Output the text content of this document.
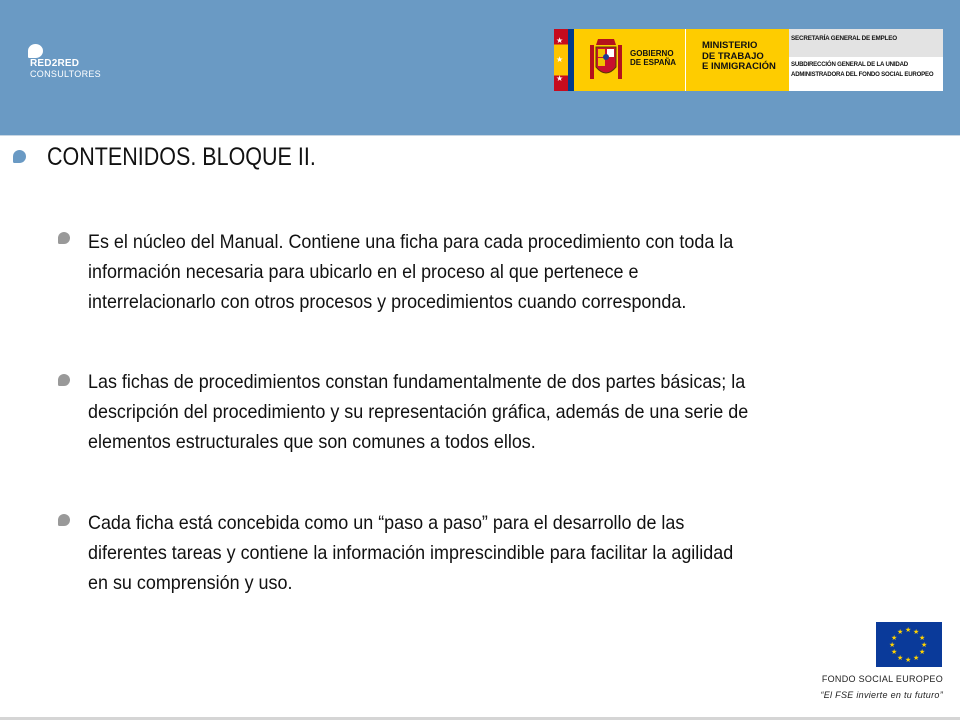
RED2RED
CONSULTORES
★
★
★
GOBIERNO
DE ESPAÑA
MINISTERIO
DE TRABAJO
E INMIGRACIÓN
SECRETARÍA GENERAL DE EMPLEO
SUBDIRECCIÓN GENERAL DE LA UNIDAD
ADMINISTRADORA DEL FONDO SOCIAL EUROPEO
CONTENIDOS. BLOQUE II.
Es el núcleo del Manual. Contiene una ficha para cada procedimiento con toda la
información necesaria para ubicarlo en el proceso al que pertenece e
interrelacionarlo con otros procesos y procedimientos cuando corresponda.
Las fichas de procedimientos constan fundamentalmente de dos partes básicas; la
descripción del procedimiento y su representación gráfica, además de una serie de
elementos estructurales que son comunes a todos ellos.
Cada ficha está concebida como un “paso a paso” para el desarrollo de las
diferentes tareas y contiene la información imprescindible para facilitar la agilidad
en su comprensión y uso.
★ ★
★
★
★
★
★
★
★
★
★
★
FONDO SOCIAL EUROPEO
“El FSE invierte en tu futuro”
